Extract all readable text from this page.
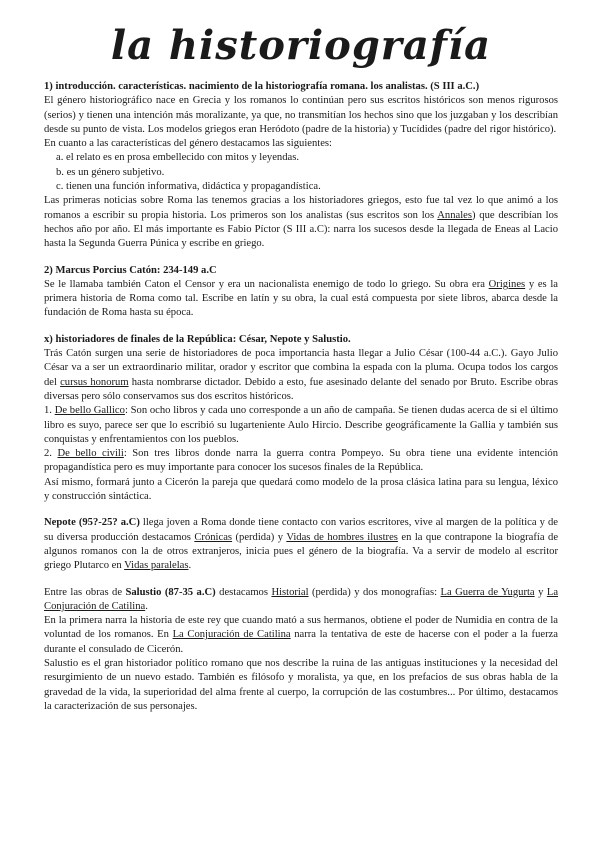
la historiografía

1) introducción. características. nacimiento de la historiografía romana. los analistas. (S III a.C.)

El género historiográfico nace en Grecia y los romanos lo continúan pero sus escritos históricos son menos rigurosos (serios) y tienen una intención más moralizante, ya que, no transmitían los hechos sino que los juzgaban y los describían desde su punto de vista. Los modelos griegos eran Heródoto (padre de la historia) y Tucídides (padre del rigor histórico).

En cuanto a las características del género destacamos las siguientes:

a. el relato es en prosa embellecido con mitos y leyendas.
b. es un género subjetivo.
c. tienen una función informativa, didáctica y propagandística.

Las primeras noticias sobre Roma las tenemos gracias a los historiadores griegos, esto fue tal vez lo que animó a los romanos a escribir su propia historia. Los primeros son los analistas (sus escritos son los Annales) que describían los hechos año por año. El más importante es Fabio Píctor (S III a.C): narra los sucesos desde la llegada de Eneas al Lacio hasta la Segunda Guerra Púnica y escribe en griego.

2) Marcus Porcius Catón: 234-149 a.C

Se le llamaba también Caton el Censor y era un nacionalista enemigo de todo lo griego. Su obra era Origines y es la primera historia de Roma como tal. Escribe en latín y su obra, la cual está compuesta por siete libros, abarca desde la fundación de Roma hasta su época.

x) historiadores de finales de la República: César, Nepote y Salustio.

Trás Catón surgen una serie de historiadores de poca importancia hasta llegar a Julio César (100-44 a.C.). Gayo Julio César va a ser un extraordinario militar, orador y escritor que combina la espada con la pluma. Ocupa todos los cargos del cursus honorum hasta nombrarse dictador. Debido a esto, fue asesinado delante del senado por Bruto. Escribe obras diversas pero sólo conservamos sus dos escritos históricos.

1. De bello Gallico: Son ocho libros y cada uno corresponde a un año de campaña. Se tienen dudas acerca de si el último libro es suyo, parece ser que lo escribió su lugarteniente Aulo Hircio. Describe geográficamente la Gallia y también sus conquistas y enfrentamientos con los pueblos.

2. De bello civili: Son tres libros donde narra la guerra contra Pompeyo. Su obra tiene una evidente intención propagandística pero es muy importante para conocer los sucesos finales de la República.

Así mismo, formará junto a Cicerón la pareja que quedará como modelo de la prosa clásica latina para su lengua, léxico y construcción sintáctica.

Nepote (95?-25? a.C) llega joven a Roma donde tiene contacto con varios escritores, vive al margen de la política y de su diversa producción destacamos Crónicas (perdida) y Vidas de hombres ilustres en la que contrapone la biografía de algunos romanos con la de otros extranjeros, inicia pues el género de la biografía. Va a servir de modelo al escritor griego Plutarco en Vidas paralelas.

Entre las obras de Salustio (87-35 a.C) destacamos Historial (perdida) y dos monografías: La Guerra de Yugurta y La Conjuración de Catilina.

En la primera narra la historia de este rey que cuando mató a sus hermanos, obtiene el poder de Numidia en contra de la voluntad de los romanos. En La Conjuración de Catilina narra la tentativa de este de hacerse con el poder a la fuerza durante el consulado de Cicerón.

Salustio es el gran historiador político romano que nos describe la ruina de las antiguas instituciones y la necesidad del resurgimiento de un nuevo estado. También es filósofo y moralista, ya que, en los prefacios de sus obras habla de la gravedad de la vida, la superioridad del alma frente al cuerpo, la corrupción de las costumbres... Por último, destacamos la caracterización de sus personajes.
